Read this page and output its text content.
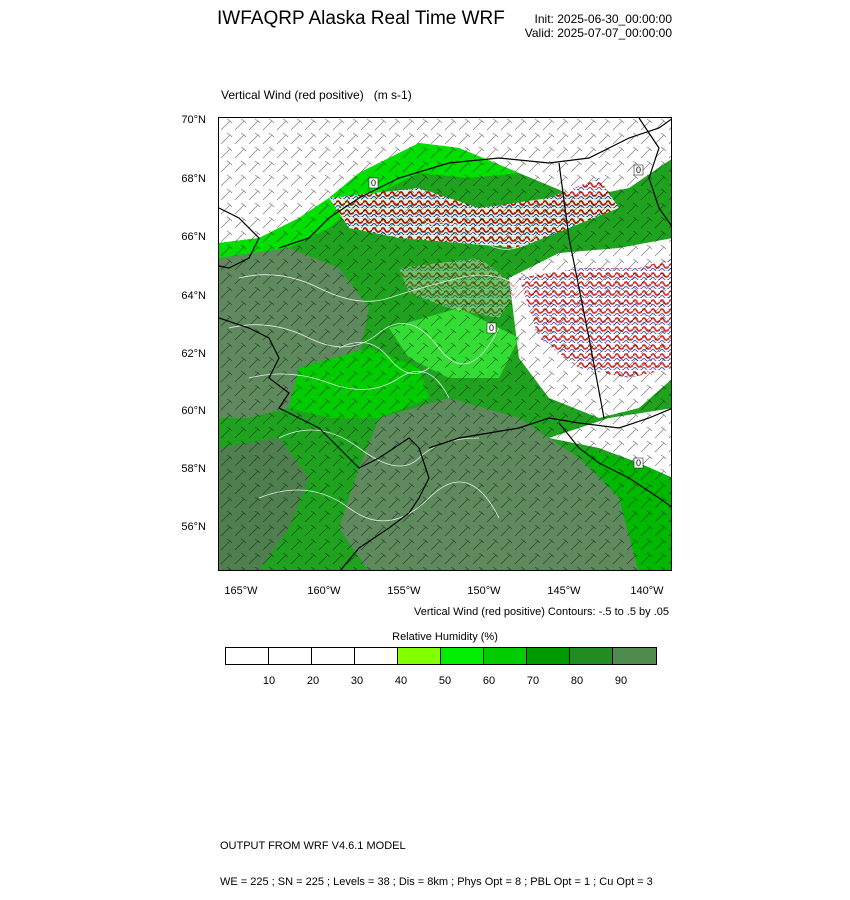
IWFAQRP Alaska Real Time WRF	Init: 2025-06-30_00:00:00
Valid: 2025-07-07_00:00:00

Vertical Wind (red positive)   (m s-1)

0
0
0
0
70°N
68°N
66°N
64°N
62°N
60°N
58°N
56°N
165°W	160°W	155°W	150°W	145°W	140°W
Vertical Wind (red positive) Contours: -.5 to .5 by .05
Relative Humidity (%)
10	20	30	40	50	60	70	80	90

OUTPUT FROM WRF V4.6.1 MODEL

WE = 225 ; SN = 225 ; Levels = 38 ; Dis = 8km ; Phys Opt = 8 ; PBL Opt = 1 ; Cu Opt = 3
